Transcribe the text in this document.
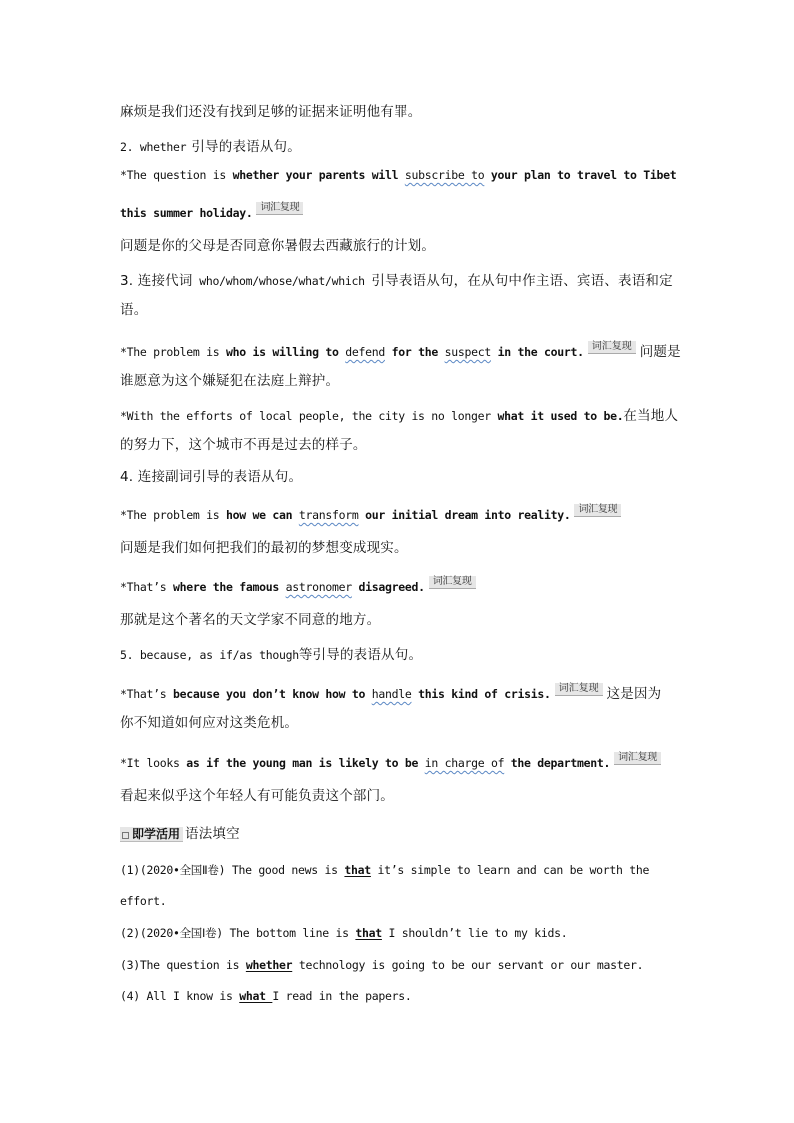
麻烦是我们还没有找到足够的证据来证明他有罪。
2. whether 引导的表语从句。
*The question is whether your parents will subscribe to your plan to travel to Tibet
this summer holiday. 词汇复现
问题是你的父母是否同意你暑假去西藏旅行的计划。
3. 连接代词 who/whom/whose/what/which 引导表语从句，在从句中作主语、宾语、表语和定
语。
*The problem is who is willing to defend for the suspect in the court. 词汇复现 问题是
谁愿意为这个嫌疑犯在法庭上辩护。
*With the efforts of local people, the city is no longer what it used to be.在当地人
的努力下，这个城市不再是过去的样子。
4. 连接副词引导的表语从句。
*The problem is how we can transform our initial dream into reality. 词汇复现
问题是我们如何把我们的最初的梦想变成现实。
*That’s where the famous astronomer disagreed. 词汇复现
那就是这个著名的天文学家不同意的地方。
5. because, as if/as though等引导的表语从句。
*That’s because you don’t know how to handle this kind of crisis. 词汇复现 这是因为
你不知道如何应对这类危机。
*It looks as if the young man is likely to be in charge of the department. 词汇复现
看起来似乎这个年轻人有可能负责这个部门。
即学活用 语法填空
(1)(2020•全国Ⅱ卷) The good news is that it’s simple to learn and can be worth the
effort.
(2)(2020•全国Ⅰ卷) The bottom line is that I shouldn’t lie to my kids.
(3)The question is whether technology is going to be our servant or our master.
(4) All I know is what I read in the papers.
